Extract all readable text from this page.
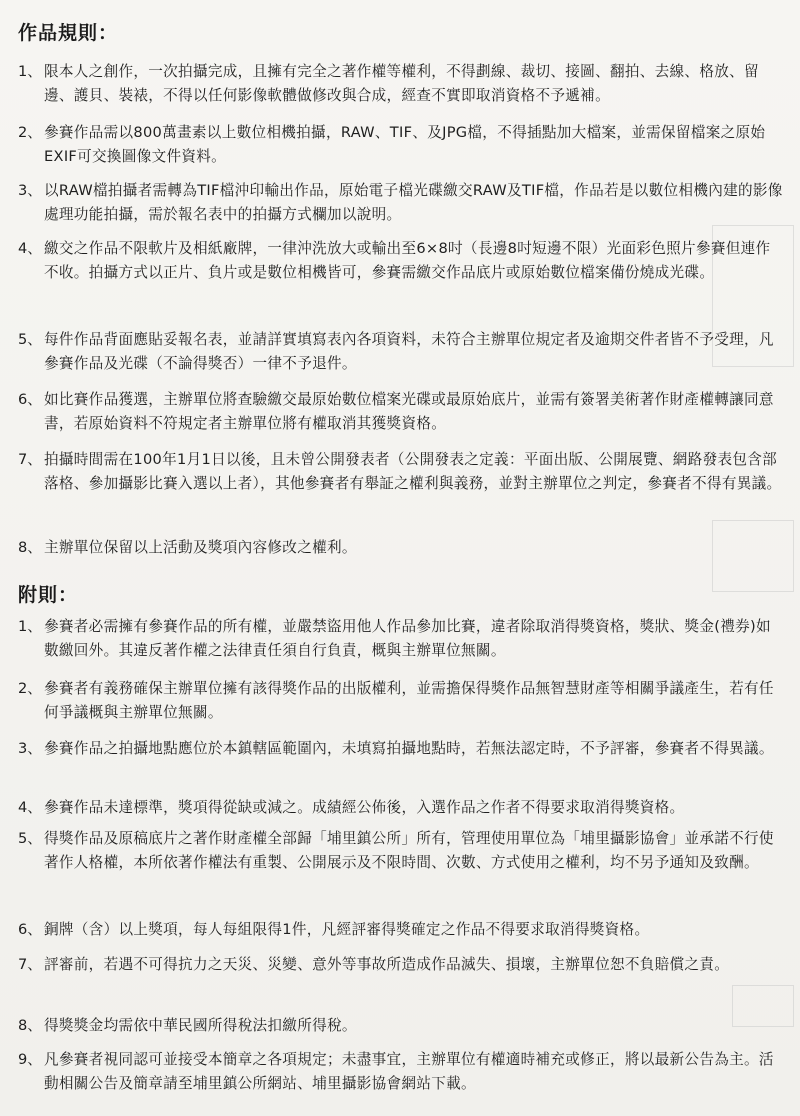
作品規則：
1、 限本人之創作，一次拍攝完成，且擁有完全之著作權等權利，不得劃線、裁切、接圖、翻拍、去線、格放、留邊、護貝、裝裱，不得以任何影像軟體做修改與合成，經查不實即取消資格不予遞補。
2、 參賽作品需以800萬畫素以上數位相機拍攝，RAW、TIF、及JPG檔，不得插點加大檔案，並需保留檔案之原始EXIF可交換圖像文件資料。
3、 以RAW檔拍攝者需轉為TIF檔沖印輸出作品，原始電子檔光碟繳交RAW及TIF檔，作品若是以數位相機內建的影像處理功能拍攝，需於報名表中的拍攝方式欄加以說明。
4、 繳交之作品不限軟片及相紙廠牌，一律沖洗放大或輸出至6×8吋（長邊8吋短邊不限）光面彩色照片參賽但連作不收。拍攝方式以正片、負片或是數位相機皆可，參賽需繳交作品底片或原始數位檔案備份燒成光碟。
5、 每件作品背面應貼妥報名表，並請詳實填寫表內各項資料，未符合主辦單位規定者及逾期交件者皆不予受理，凡參賽作品及光碟（不論得獎否）一律不予退件。
6、 如比賽作品獲選，主辦單位將查驗繳交最原始數位檔案光碟或最原始底片，並需有簽署美術著作財產權轉讓同意書，若原始資料不符規定者主辦單位將有權取消其獲獎資格。
7、 拍攝時間需在100年1月1日以後，且未曾公開發表者（公開發表之定義：平面出版、公開展覽、網路發表包含部落格、參加攝影比賽入選以上者），其他參賽者有舉証之權利與義務，並對主辦單位之判定，參賽者不得有異議。
8、 主辦單位保留以上活動及獎項內容修改之權利。
附則：
1、 參賽者必需擁有參賽作品的所有權，並嚴禁盜用他人作品參加比賽，違者除取消得獎資格，獎狀、獎金(禮券)如數繳回外。其違反著作權之法律責任須自行負責，概與主辦單位無關。
2、 參賽者有義務確保主辦單位擁有該得獎作品的出版權利，並需擔保得獎作品無智慧財產等相關爭議產生，若有任何爭議概與主辦單位無關。
3、 參賽作品之拍攝地點應位於本鎮轄區範圍內，未填寫拍攝地點時，若無法認定時，不予評審，參賽者不得異議。
4、 參賽作品未達標準，獎項得從缺或減之。成績經公佈後，入選作品之作者不得要求取消得獎資格。
5、 得獎作品及原稿底片之著作財產權全部歸「埔里鎮公所」所有，管理使用單位為「埔里攝影協會」並承諾不行使著作人格權，本所依著作權法有重製、公開展示及不限時間、次數、方式使用之權利，均不另予通知及致酬。
6、 銅牌（含）以上獎項，每人每組限得1件，凡經評審得獎確定之作品不得要求取消得獎資格。
7、 評審前，若遇不可得抗力之天災、災變、意外等事故所造成作品滅失、損壞，主辦單位恕不負賠償之責。
8、 得獎獎金均需依中華民國所得稅法扣繳所得稅。
9、 凡參賽者視同認可並接受本簡章之各項規定；未盡事宜，主辦單位有權適時補充或修正，將以最新公告為主。活動相關公告及簡章請至埔里鎮公所網站、埔里攝影協會網站下載。
